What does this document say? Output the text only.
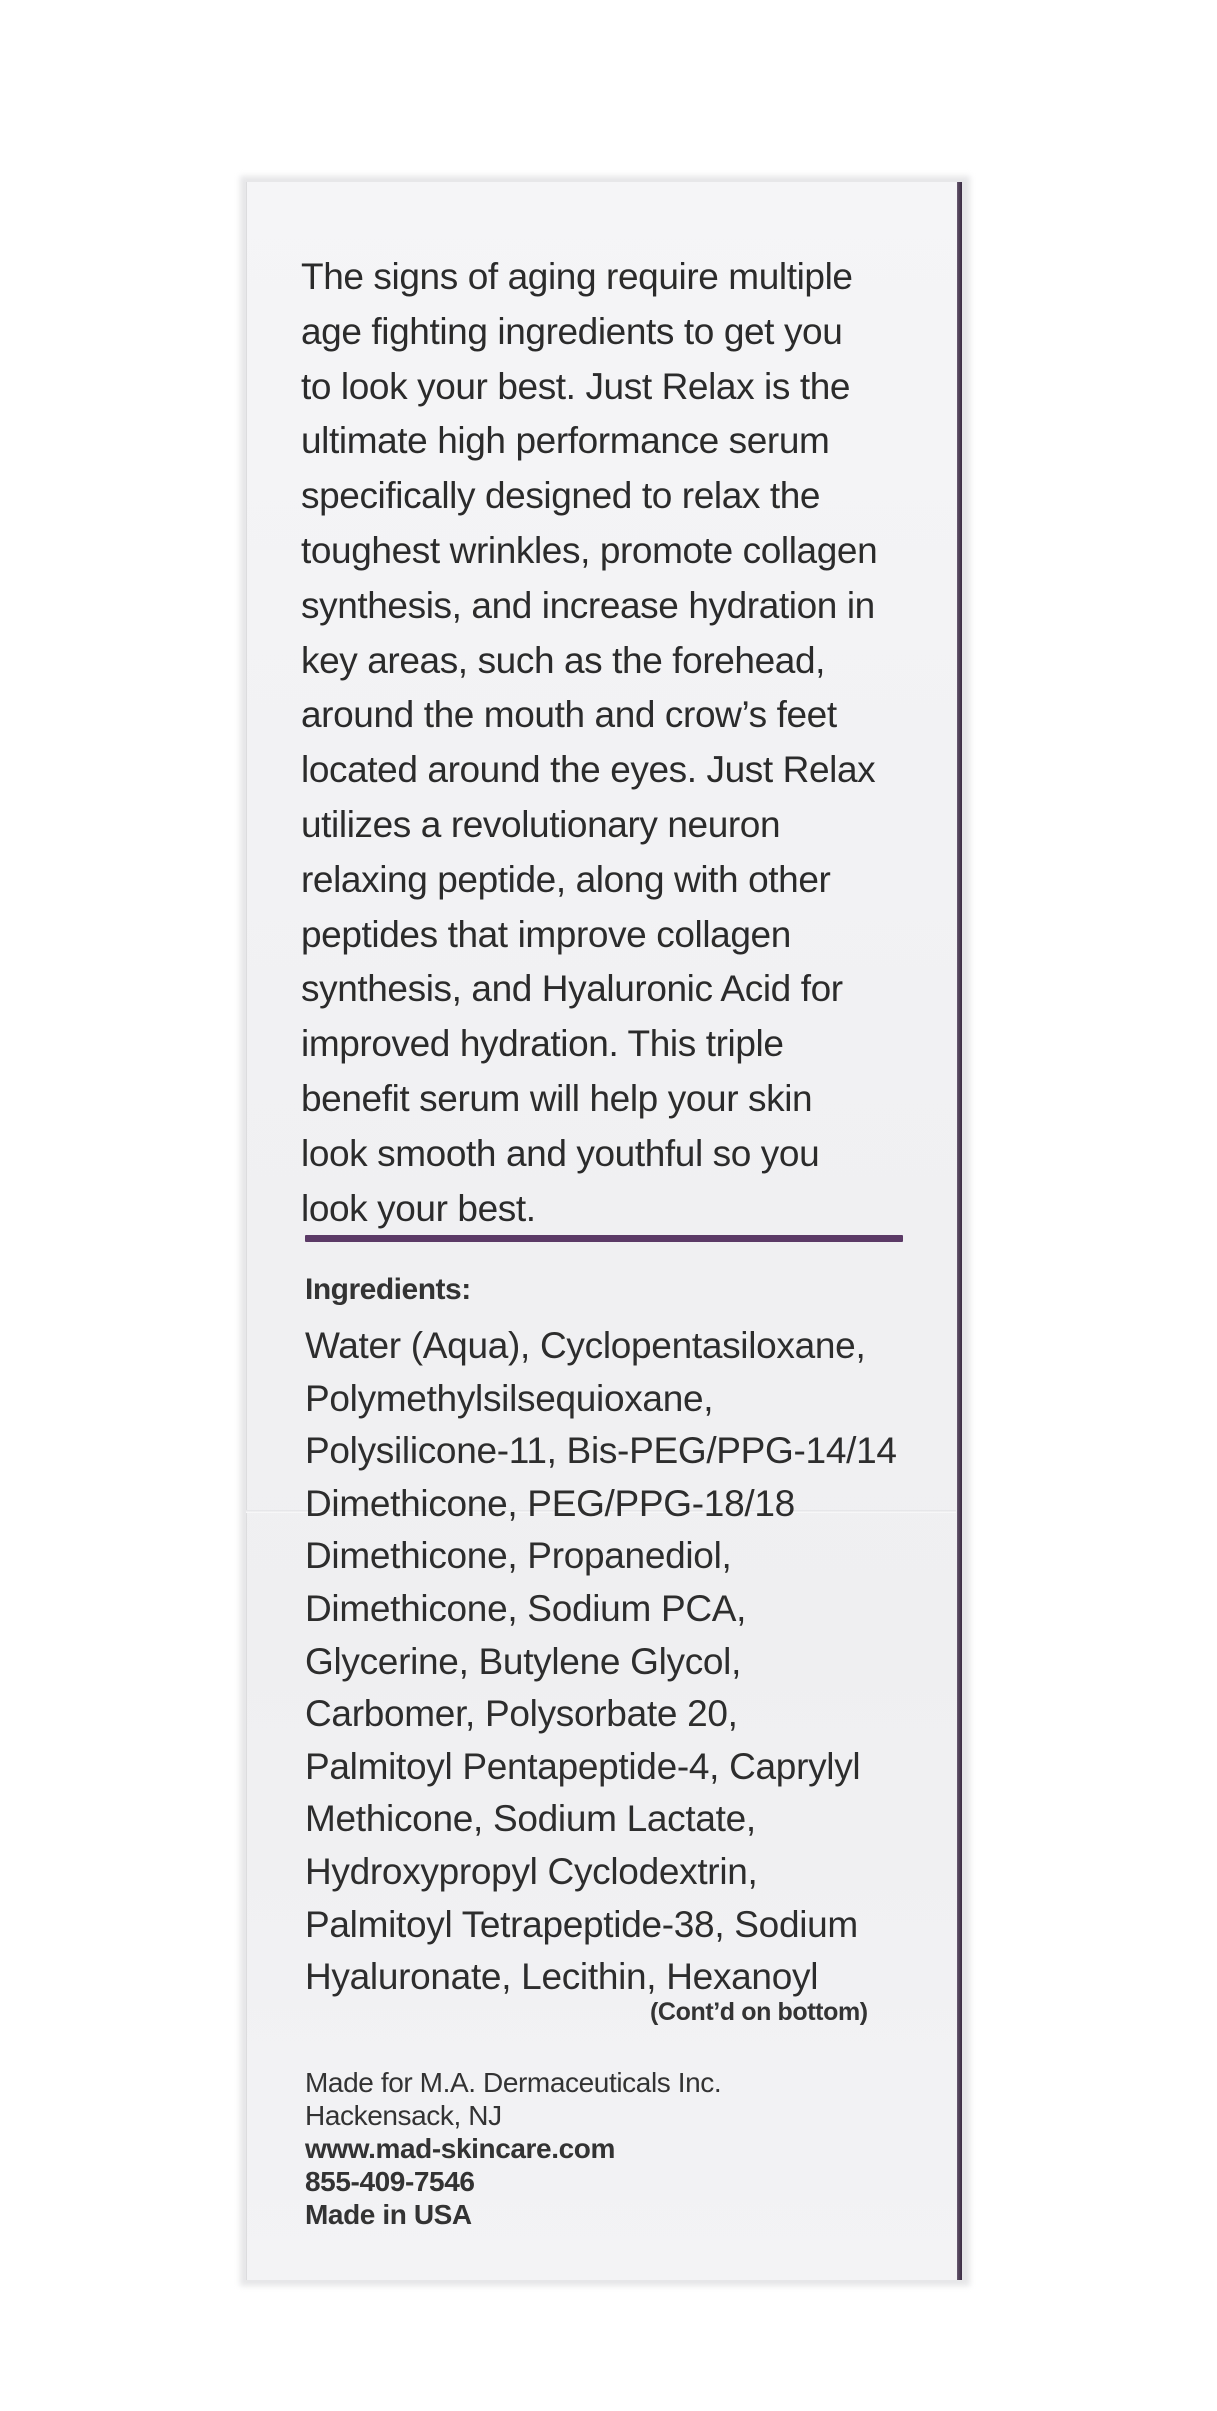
The signs of aging require multiple
age fighting ingredients to get you
to look your best. Just Relax is the
ultimate high performance serum
specifically designed to relax the
toughest wrinkles, promote collagen
synthesis, and increase hydration in
key areas, such as the forehead,
around the mouth and crow’s feet
located around the eyes. Just Relax
utilizes a revolutionary neuron
relaxing peptide, along with other
peptides that improve collagen
synthesis, and Hyaluronic Acid for
improved hydration. This triple
benefit serum will help your skin
look smooth and youthful so you
look your best.
Ingredients:
Water (Aqua), Cyclopentasiloxane,
Polymethylsilsequioxane,
Polysilicone-11, Bis-PEG/PPG-14/14
Dimethicone, PEG/PPG-18/18
Dimethicone, Propanediol,
Dimethicone, Sodium PCA,
Glycerine, Butylene Glycol,
Carbomer, Polysorbate 20,
Palmitoyl Pentapeptide-4, Caprylyl
Methicone, Sodium Lactate,
Hydroxypropyl Cyclodextrin,
Palmitoyl Tetrapeptide-38, Sodium
Hyaluronate, Lecithin, Hexanoyl
(Cont’d on bottom)
Made for M.A. Dermaceuticals Inc.
Hackensack, NJ
www.mad-skincare.com
855-409-7546
Made in USA
